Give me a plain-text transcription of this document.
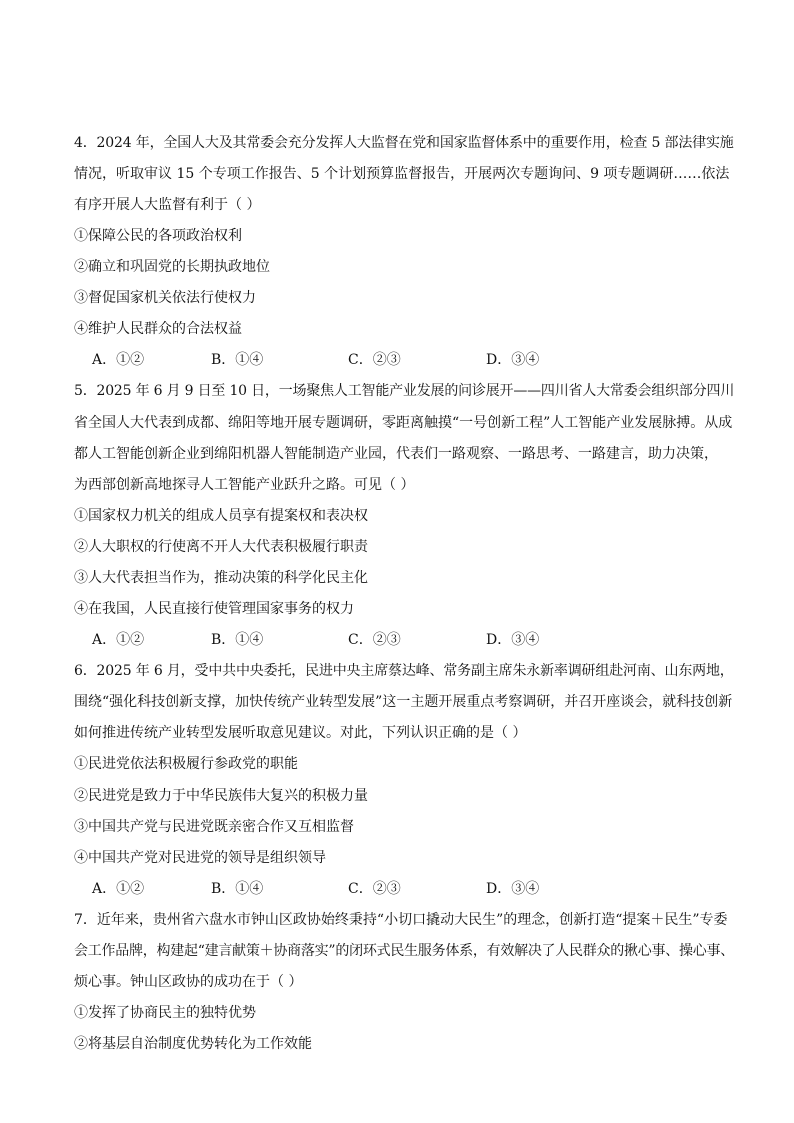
4．2024 年，全国人大及其常委会充分发挥人大监督在党和国家监督体系中的重要作用，检查 5 部法律实施
情况，听取审议 15 个专项工作报告、5 个计划预算监督报告，开展两次专题询问、9 项专题调研……依法
有序开展人大监督有利于（ ）
①保障公民的各项政治权利
②确立和巩固党的长期执政地位
③督促国家机关依法行使权力
④维护人民群众的合法权益
A．①②	B．①④	C．②③	D．③④
5．2025 年 6 月 9 日至 10 日，一场聚焦人工智能产业发展的问诊展开——四川省人大常委会组织部分四川
省全国人大代表到成都、绵阳等地开展专题调研，零距离触摸“一号创新工程”人工智能产业发展脉搏。从成
都人工智能创新企业到绵阳机器人智能制造产业园，代表们一路观察、一路思考、一路建言，助力决策，
为西部创新高地探寻人工智能产业跃升之路。可见（ ）
①国家权力机关的组成人员享有提案权和表决权
②人大职权的行使离不开人大代表积极履行职责
③人大代表担当作为，推动决策的科学化民主化
④在我国，人民直接行使管理国家事务的权力
A．①②	B．①④	C．②③	D．③④
6．2025 年 6 月，受中共中央委托，民进中央主席蔡达峰、常务副主席朱永新率调研组赴河南、山东两地，
围绕“强化科技创新支撑，加快传统产业转型发展”这一主题开展重点考察调研，并召开座谈会，就科技创新
如何推进传统产业转型发展听取意见建议。对此，下列认识正确的是（ ）
①民进党依法积极履行参政党的职能
②民进党是致力于中华民族伟大复兴的积极力量
③中国共产党与民进党既亲密合作又互相监督
④中国共产党对民进党的领导是组织领导
A．①②	B．①④	C．②③	D．③④
7．近年来，贵州省六盘水市钟山区政协始终秉持“小切口撬动大民生”的理念，创新打造“提案＋民生”专委
会工作品牌，构建起“建言献策＋协商落实”的闭环式民生服务体系，有效解决了人民群众的揪心事、操心事、
烦心事。钟山区政协的成功在于（ ）
①发挥了协商民主的独特优势
②将基层自治制度优势转化为工作效能
